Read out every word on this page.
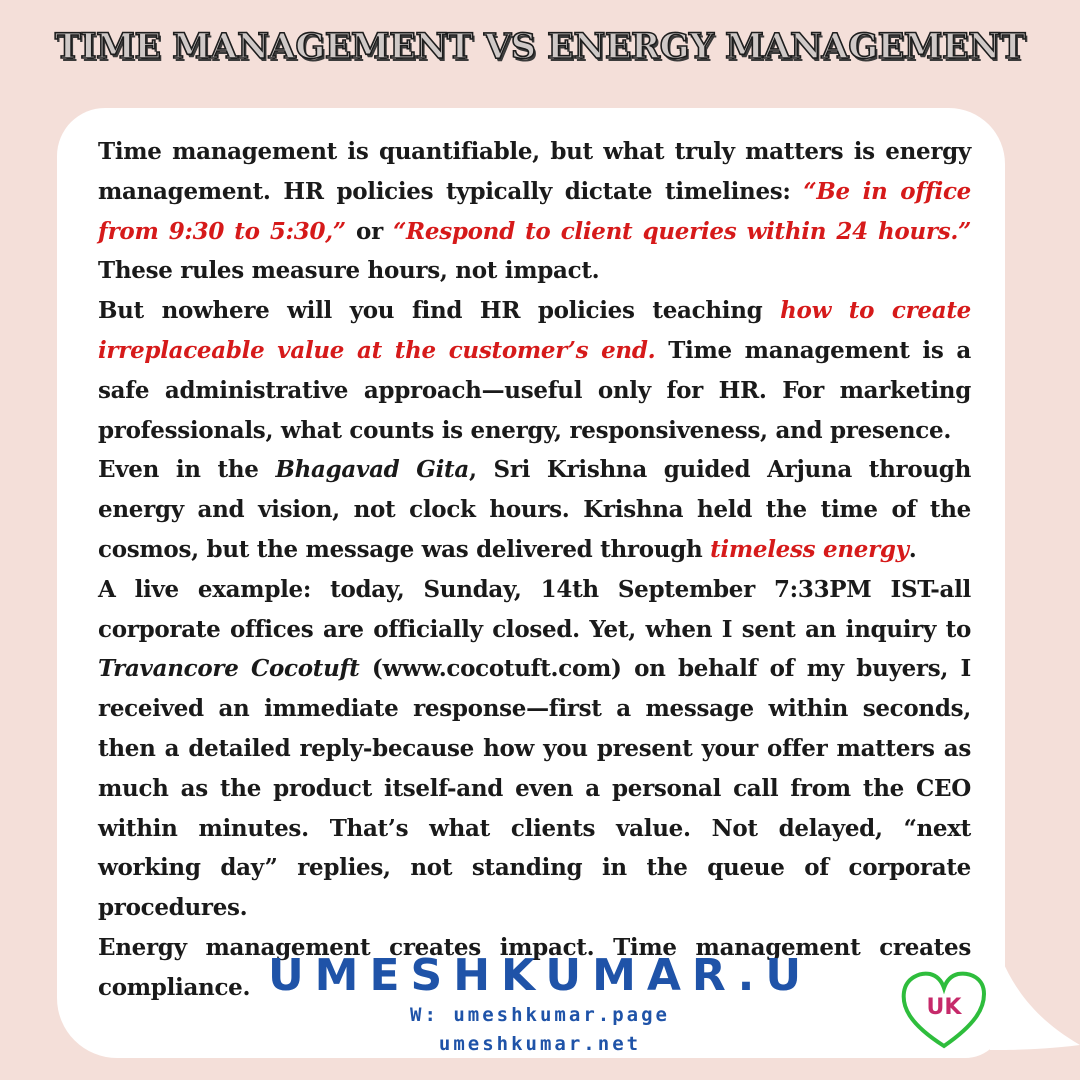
TIME MANAGEMENT VS ENERGY MANAGEMENT

Time management is quantifiable, but what truly matters is energy management. HR policies typically dictate timelines: “Be in office from 9:30 to 5:30,” or “Respond to client queries within 24 hours.” These rules measure hours, not impact.

But nowhere will you find HR policies teaching how to create irreplaceable value at the customer’s end. Time management is a safe administrative approach—useful only for HR. For marketing professionals, what counts is energy, responsiveness, and presence.

Even in the Bhagavad Gita, Sri Krishna guided Arjuna through energy and vision, not clock hours. Krishna held the time of the cosmos, but the message was delivered through timeless energy.

A live example: today, Sunday, 14th September 7:33PM IST-all corporate offices are officially closed. Yet, when I sent an inquiry to Travancore Cocotuft (www.cocotuft.com) on behalf of my buyers, I received an immediate response—first a message within seconds, then a detailed reply-because how you present your offer matters as much as the product itself-and even a personal call from the CEO within minutes. That’s what clients value. Not delayed, “next working day” replies, not standing in the queue of corporate procedures.

Energy management creates impact. Time management creates compliance. UMESHKUMAR.U
W: umeshkumar.page
umeshkumar.net
UK
